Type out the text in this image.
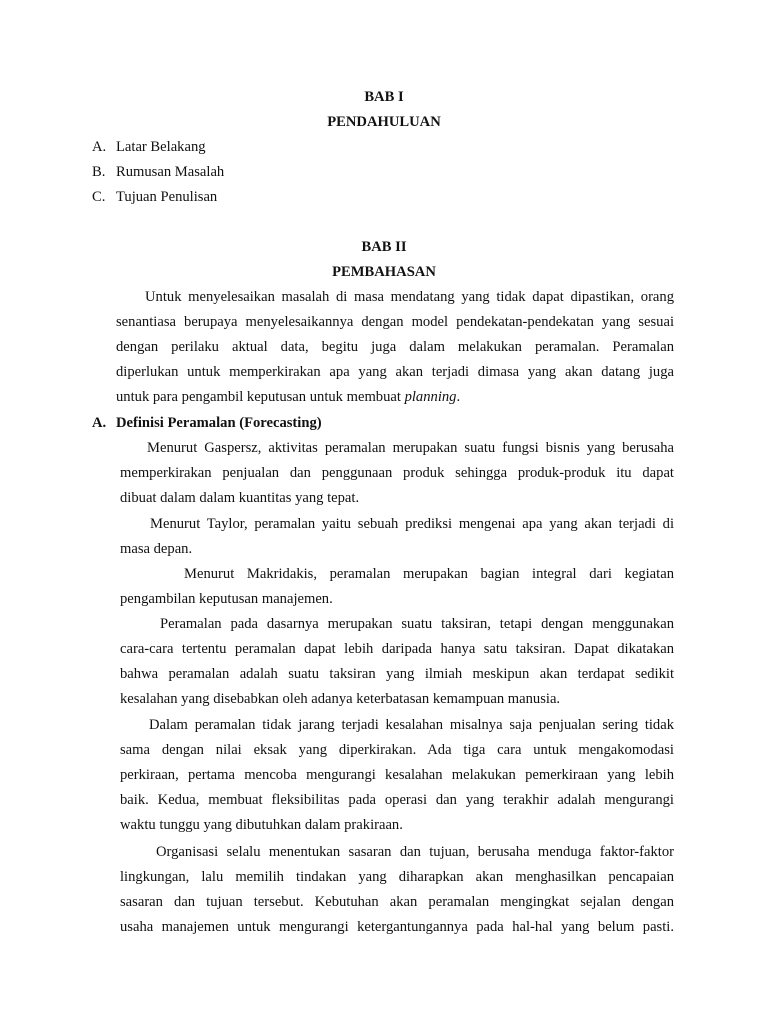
BAB I
PENDAHULUAN
A. Latar Belakang
B. Rumusan Masalah
C. Tujuan Penulisan
BAB II
PEMBAHASAN
Untuk menyelesaikan masalah di masa mendatang yang tidak dapat dipastikan, orang
senantiasa berupaya menyelesaikannya dengan model pendekatan-pendekatan yang sesuai
dengan perilaku aktual data, begitu juga dalam melakukan peramalan. Peramalan
diperlukan untuk memperkirakan apa yang akan terjadi dimasa yang akan datang juga
untuk para pengambil keputusan untuk membuat planning.
A. Definisi Peramalan (Forecasting)
Menurut Gaspersz, aktivitas peramalan merupakan suatu fungsi bisnis yang berusaha
memperkirakan penjualan dan penggunaan produk sehingga produk-produk itu dapat
dibuat dalam dalam kuantitas yang tepat.
Menurut Taylor, peramalan yaitu sebuah prediksi mengenai apa yang akan terjadi di
masa depan.
Menurut Makridakis, peramalan merupakan bagian integral dari kegiatan
pengambilan keputusan manajemen.
Peramalan pada dasarnya merupakan suatu taksiran, tetapi dengan menggunakan
cara-cara tertentu peramalan dapat lebih daripada hanya satu taksiran. Dapat dikatakan
bahwa peramalan adalah suatu taksiran yang ilmiah meskipun akan terdapat sedikit
kesalahan yang disebabkan oleh adanya keterbatasan kemampuan manusia.
Dalam peramalan tidak jarang terjadi kesalahan misalnya saja penjualan sering tidak
sama dengan nilai eksak yang diperkirakan. Ada tiga cara untuk mengakomodasi
perkiraan, pertama mencoba mengurangi kesalahan melakukan pemerkiraan yang lebih
baik. Kedua, membuat fleksibilitas pada operasi dan yang terakhir adalah mengurangi
waktu tunggu yang dibutuhkan dalam prakiraan.
Organisasi selalu menentukan sasaran dan tujuan, berusaha menduga faktor-faktor
lingkungan, lalu memilih tindakan yang diharapkan akan menghasilkan pencapaian
sasaran dan tujuan tersebut. Kebutuhan akan peramalan mengingkat sejalan dengan
usaha manajemen untuk mengurangi ketergantungannya pada hal-hal yang belum pasti.
